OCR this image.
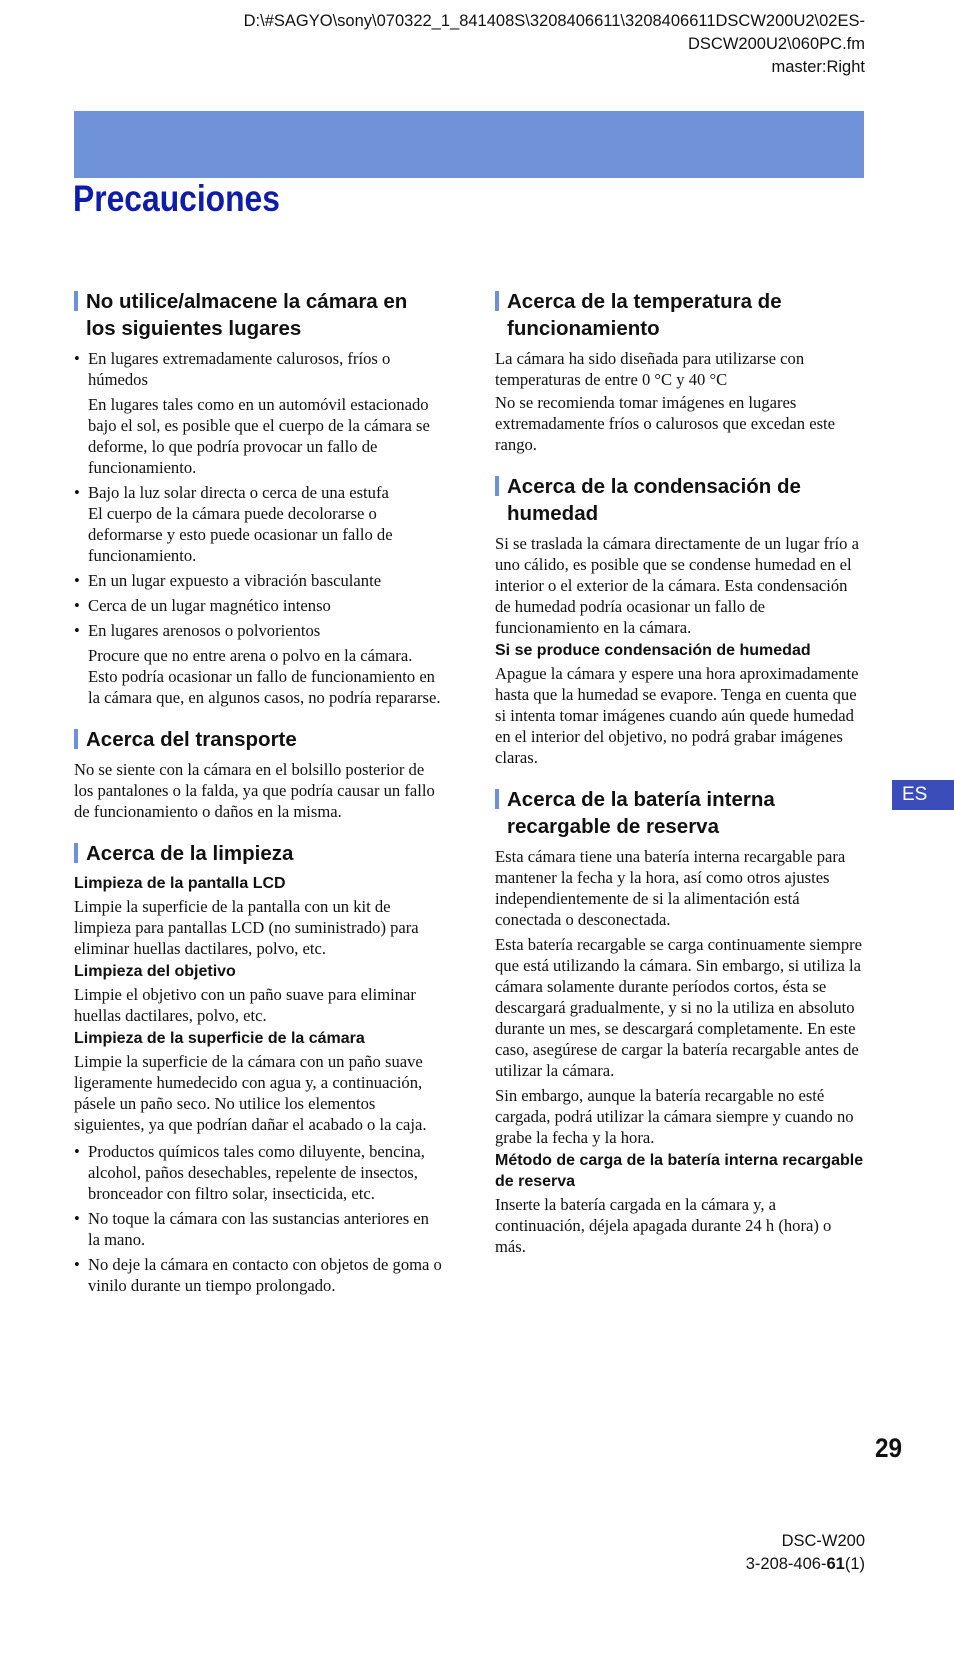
D:\#SAGYO\sony\070322_1_841408S\3208406611\3208406611DSCW200U2\02ES-
DSCW200U2\060PC.fm
master:Right
Precauciones
No utilice/almacene la cámara en los siguientes lugares
• En lugares extremadamente calurosos, fríos o húmedos

En lugares tales como en un automóvil estacionado bajo el sol, es posible que el cuerpo de la cámara se deforme, lo que podría provocar un fallo de funcionamiento.

• Bajo la luz solar directa o cerca de una estufa

El cuerpo de la cámara puede decolorarse o deformarse y esto puede ocasionar un fallo de funcionamiento.

• En un lugar expuesto a vibración basculante

• Cerca de un lugar magnético intenso

• En lugares arenosos o polvorientos

Procure que no entre arena o polvo en la cámara. Esto podría ocasionar un fallo de funcionamiento en la cámara que, en algunos casos, no podría repararse.

Acerca del transporte

No se siente con la cámara en el bolsillo posterior de los pantalones o la falda, ya que podría causar un fallo de funcionamiento o daños en la misma.

Acerca de la limpieza

Limpieza de la pantalla LCD

Limpie la superficie de la pantalla con un kit de limpieza para pantallas LCD (no suministrado) para eliminar huellas dactilares, polvo, etc.

Limpieza del objetivo

Limpie el objetivo con un paño suave para eliminar huellas dactilares, polvo, etc.

Limpieza de la superficie de la cámara

Limpie la superficie de la cámara con un paño suave ligeramente humedecido con agua y, a continuación, pásele un paño seco. No utilice los elementos siguientes, ya que podrían dañar el acabado o la caja.

• Productos químicos tales como diluyente, bencina, alcohol, paños desechables, repelente de insectos, bronceador con filtro solar, insecticida, etc.

• No toque la cámara con las sustancias anteriores en la mano.

• No deje la cámara en contacto con objetos de goma o vinilo durante un tiempo prolongado.

Acerca de la temperatura de funcionamiento

La cámara ha sido diseñada para utilizarse con temperaturas de entre 0 °C y 40 °C

No se recomienda tomar imágenes en lugares extremadamente fríos o calurosos que excedan este rango.

Acerca de la condensación de humedad

Si se traslada la cámara directamente de un lugar frío a uno cálido, es posible que se condense humedad en el interior o el exterior de la cámara. Esta condensación de humedad podría ocasionar un fallo de funcionamiento en la cámara.

Si se produce condensación de humedad

Apague la cámara y espere una hora aproximadamente hasta que la humedad se evapore. Tenga en cuenta que si intenta tomar imágenes cuando aún quede humedad en el interior del objetivo, no podrá grabar imágenes claras.

Acerca de la batería interna recargable de reserva

Esta cámara tiene una batería interna recargable para mantener la fecha y la hora, así como otros ajustes independientemente de si la alimentación está conectada o desconectada.

Esta batería recargable se carga continuamente siempre que está utilizando la cámara. Sin embargo, si utiliza la cámara solamente durante períodos cortos, ésta se descargará gradualmente, y si no la utiliza en absoluto durante un mes, se descargará completamente. En este caso, asegúrese de cargar la batería recargable antes de utilizar la cámara.

Sin embargo, aunque la batería recargable no esté cargada, podrá utilizar la cámara siempre y cuando no grabe la fecha y la hora.

Método de carga de la batería interna recargable de reserva

Inserte la batería cargada en la cámara y, a continuación, déjela apagada durante 24 h (hora) o más.

ES
29
DSC-W200
3-208-406-61(1)
